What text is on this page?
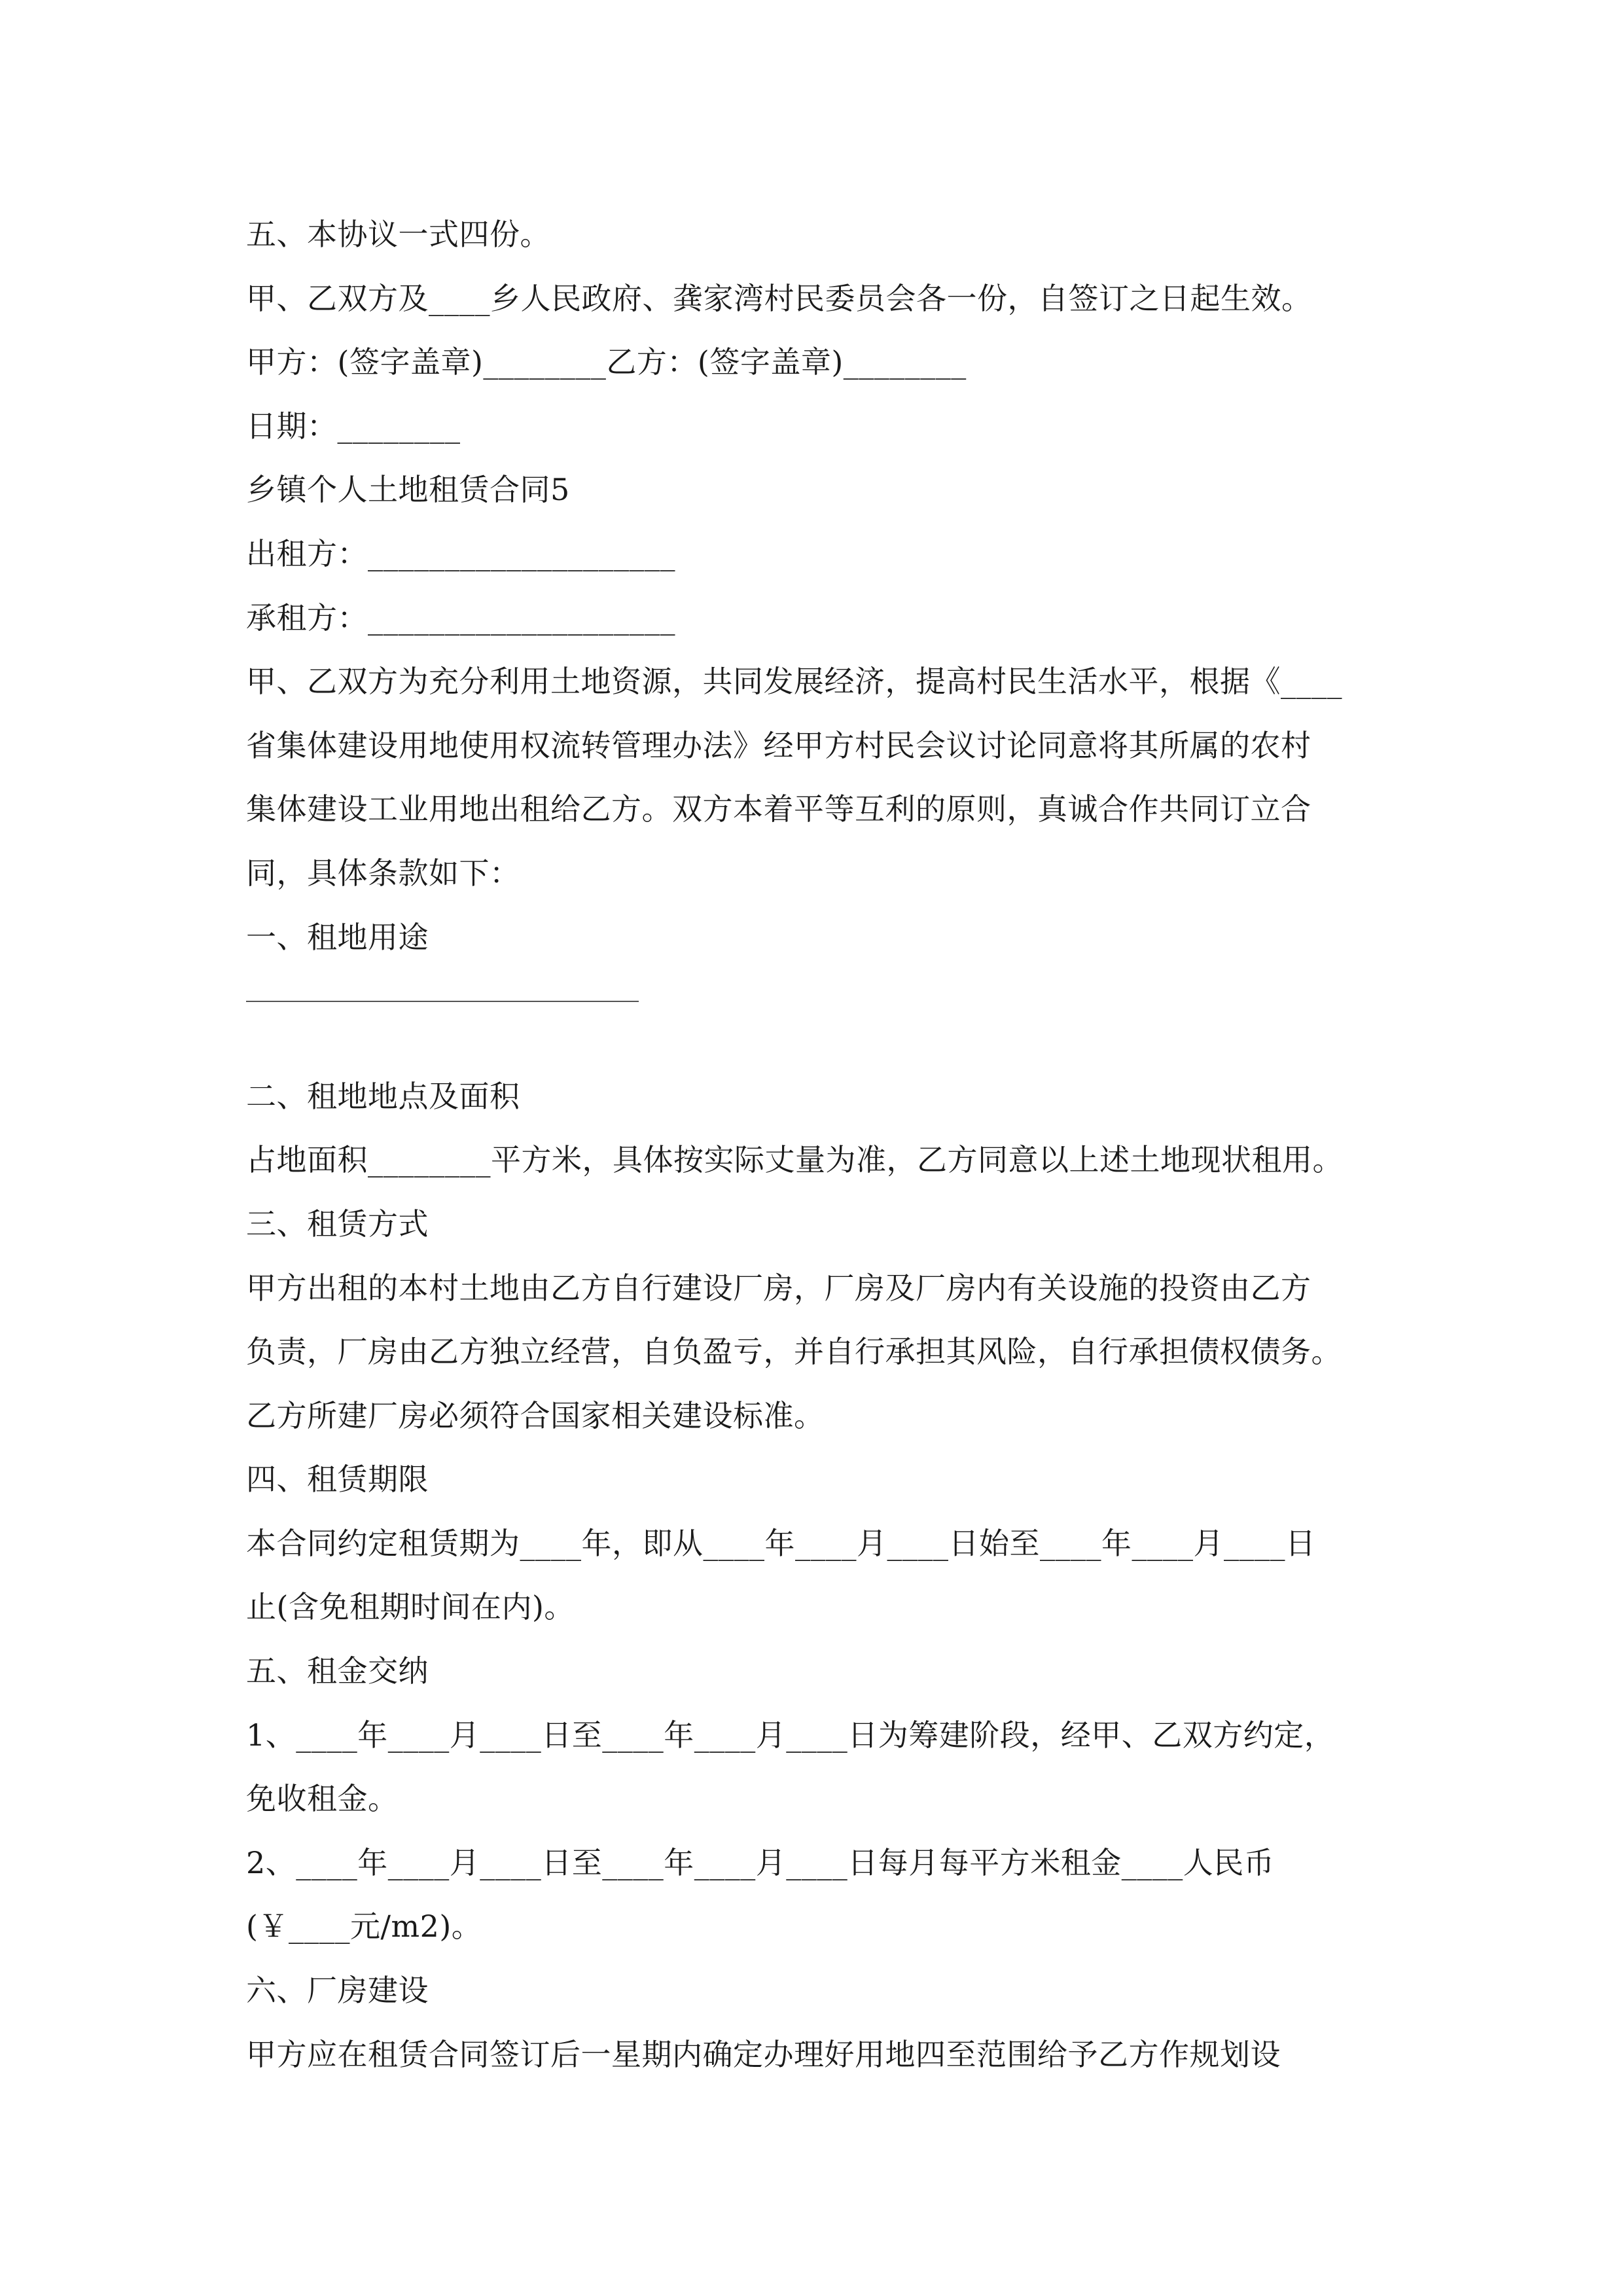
五、本协议一式四份。
甲、乙双方及____乡人民政府、龚家湾村民委员会各一份，自签订之日起生效。
甲方：(签字盖章)________乙方：(签字盖章)________
日期：________
乡镇个人土地租赁合同5
出租方：____________________
承租方：____________________
甲、乙双方为充分利用土地资源，共同发展经济，提高村民生活水平，根据《____
省集体建设用地使用权流转管理办法》经甲方村民会议讨论同意将其所属的农村
集体建设工业用地出租给乙方。双方本着平等互利的原则，真诚合作共同订立合
同，具体条款如下：
一、租地用途
二、租地地点及面积
占地面积________平方米，具体按实际丈量为准，乙方同意以上述土地现状租用。
三、租赁方式
甲方出租的本村土地由乙方自行建设厂房，厂房及厂房内有关设施的投资由乙方
负责，厂房由乙方独立经营，自负盈亏，并自行承担其风险，自行承担债权债务。
乙方所建厂房必须符合国家相关建设标准。
四、租赁期限
本合同约定租赁期为____年，即从____年____月____日始至____年____月____日
止(含免租期时间在内)。
五、租金交纳
1、____年____月____日至____年____月____日为筹建阶段，经甲、乙双方约定，
免收租金。
2、____年____月____日至____年____月____日每月每平方米租金____人民币
(￥____元/m2)。
六、厂房建设
甲方应在租赁合同签订后一星期内确定办理好用地四至范围给予乙方作规划设
